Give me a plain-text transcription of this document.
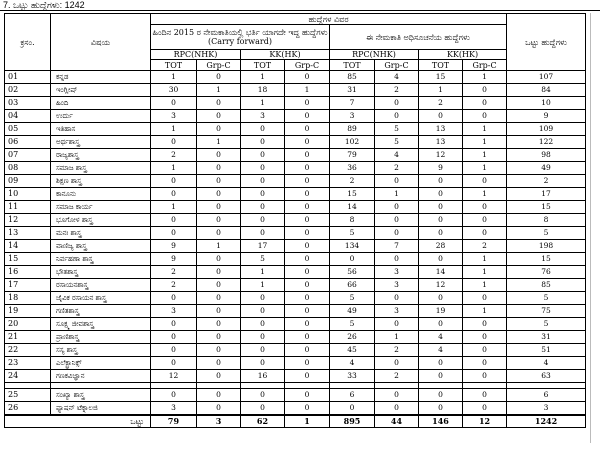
7. ಒಟ್ಟು ಹುದ್ದೆಗಳು: 1242
ಕ್ರಸಂ.	ವಿಷಯ	ಹುದ್ದೆಗಳ ವಿವರ								ಒಟ್ಟು ಹುದ್ದೆಗಳು
		ಹಿಂದಿನ 2015 ರ ನೇಮಕಾತಿಯಲ್ಲಿ ಭರ್ತಿ ಯಾಗದೇ ಇದ್ದ ಹುದ್ದೆಗಳು (Carry forward)				ಈ ನೇಮಕಾತಿ ಅಧಿಸೂಚನೆಯ ಹುದ್ದೆಗಳು				
		RPC(NHK)		KK(HK)		RPC(NHK)		KK(HK)		
		TOT	Grp-C	TOT	Grp-C	TOT	Grp-C	TOT	Grp-C	
01	ಕನ್ನಡ	1	0	1	0	85	4	15	1	107
02	ಇಂಗ್ಲೀಷ್	30	1	18	1	31	2	1	0	84
03	ಹಿಂದಿ	0	0	1	0	7	0	2	0	10
04	ಉರ್ದು	3	0	3	0	3	0	0	0	9
05	ಇತಿಹಾಸ	1	0	0	0	89	5	13	1	109
06	ಅರ್ಥಶಾಸ್ತ್ರ	0	1	0	0	102	5	13	1	122
07	ರಾಜ್ಯಶಾಸ್ತ್ರ	2	0	0	0	79	4	12	1	98
08	ಸಮಾಜ ಶಾಸ್ತ್ರ	1	0	0	0	36	2	9	1	49
09	ಶಿಕ್ಷಣ ಶಾಸ್ತ್ರ	0	0	0	0	2	0	0	0	2
10	ಕಾನೂನು	0	0	0	0	15	1	0	1	17
11	ಸಮಾಜ ಕಾರ್ಯ	1	0	0	0	14	0	0	0	15
12	ಭೂಗೋಳ ಶಾಸ್ತ್ರ	0	0	0	0	8	0	0	0	8
13	ಮನಃ ಶಾಸ್ತ್ರ	0	0	0	0	5	0	0	0	5
14	ವಾಣಿಜ್ಯ ಶಾಸ್ತ್ರ	9	1	17	0	134	7	28	2	198
15	ನಿರ್ವಹಣಾ ಶಾಸ್ತ್ರ	9	0	5	0	0	0	0	1	15
16	ಭೌತಶಾಸ್ತ್ರ	2	0	1	0	56	3	14	1	76
17	ರಸಾಯನಶಾಸ್ತ್ರ	2	0	1	0	66	3	12	1	85
18	ಜೈವಿಕ ರಸಾಯನ ಶಾಸ್ತ್ರ	0	0	0	0	5	0	0	0	5
19	ಗಣಿತಶಾಸ್ತ್ರ	3	0	0	0	49	3	19	1	75
20	ಸೂಕ್ಷ್ಮ ಜೀವಶಾಸ್ತ್ರ	0	0	0	0	5	0	0	0	5
21	ಪ್ರಾಣಿಶಾಸ್ತ್ರ	0	0	0	0	26	1	4	0	31
22	ಸಸ್ಯ ಶಾಸ್ತ್ರ	0	0	0	0	45	2	4	0	51
23	ಎಲೆಕ್ಟ್ರಾನಿಕ್ಸ್	0	0	0	0	4	0	0	0	4
24	ಗಣಕವಿಜ್ಞಾನ	12	0	16	0	33	2	0	0	63

25	ಸಂಖ್ಯಾ ಶಾಸ್ತ್ರ	0	0	0	0	6	0	0	0	6
26	ಫ್ಯಾಷನ್ ಟೆಕ್ನಾಲಜಿ	3	0	0	0	0	0	0	0	3
ಒಟ್ಟು		79	3	62	1	895	44	146	12	1242
